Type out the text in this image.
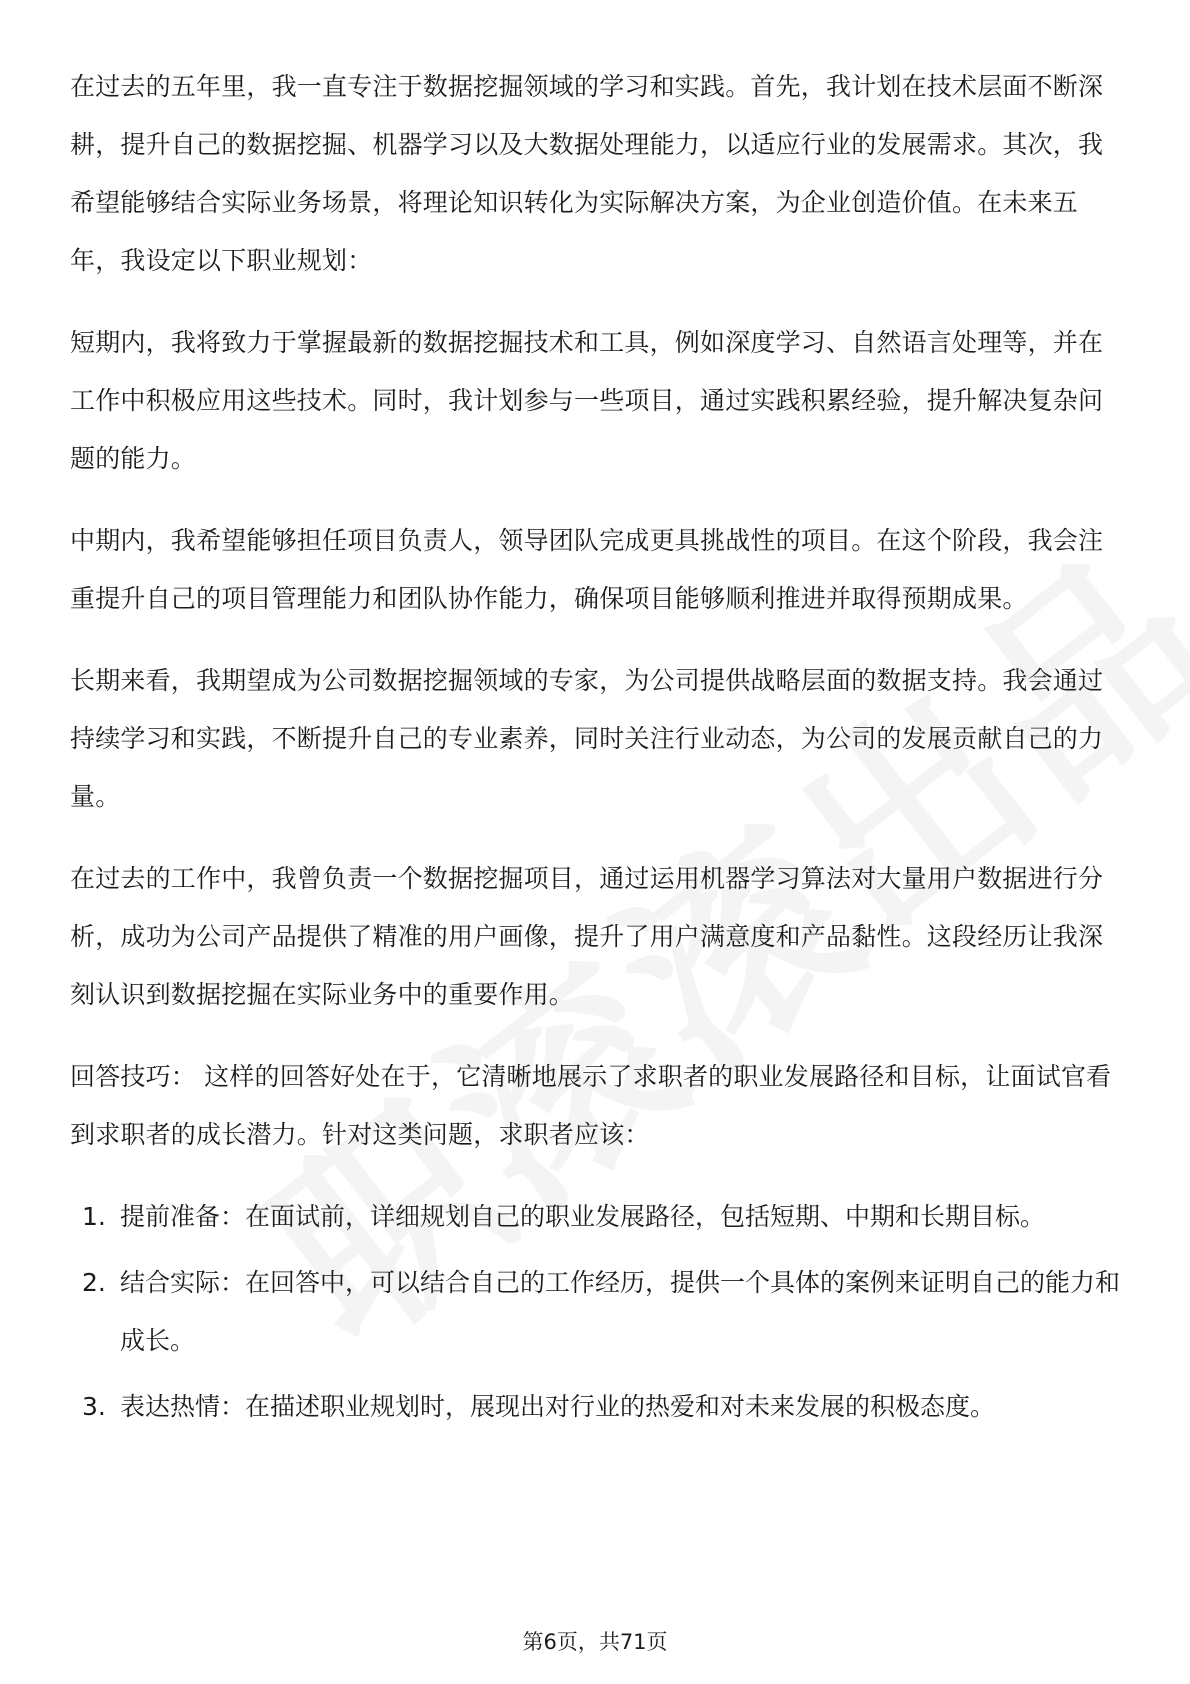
在过去的五年里，我一直专注于数据挖掘领域的学习和实践。首先，我计划在技术层面不断深耕，提升自己的数据挖掘、机器学习以及大数据处理能力，以适应行业的发展需求。其次，我希望能够结合实际业务场景，将理论知识转化为实际解决方案，为企业创造价值。在未来五年，我设定以下职业规划：

短期内，我将致力于掌握最新的数据挖掘技术和工具，例如深度学习、自然语言处理等，并在工作中积极应用这些技术。同时，我计划参与一些项目，通过实践积累经验，提升解决复杂问题的能力。

中期内，我希望能够担任项目负责人，领导团队完成更具挑战性的项目。在这个阶段，我会注重提升自己的项目管理能力和团队协作能力，确保项目能够顺利推进并取得预期成果。

长期来看，我期望成为公司数据挖掘领域的专家，为公司提供战略层面的数据支持。我会通过持续学习和实践，不断提升自己的专业素养，同时关注行业动态，为公司的发展贡献自己的力量。

在过去的工作中，我曾负责一个数据挖掘项目，通过运用机器学习算法对大量用户数据进行分析，成功为公司产品提供了精准的用户画像，提升了用户满意度和产品黏性。这段经历让我深刻认识到数据挖掘在实际业务中的重要作用。

回答技巧： 这样的回答好处在于，它清晰地展示了求职者的职业发展路径和目标，让面试官看到求职者的成长潜力。针对这类问题，求职者应该：

1. 提前准备：在面试前，详细规划自己的职业发展路径，包括短期、中期和长期目标。
2. 结合实际：在回答中，可以结合自己的工作经历，提供一个具体的案例来证明自己的能力和成长。
3. 表达热情：在描述职业规划时，展现出对行业的热爱和对未来发展的积极态度。
第6页，共71页
